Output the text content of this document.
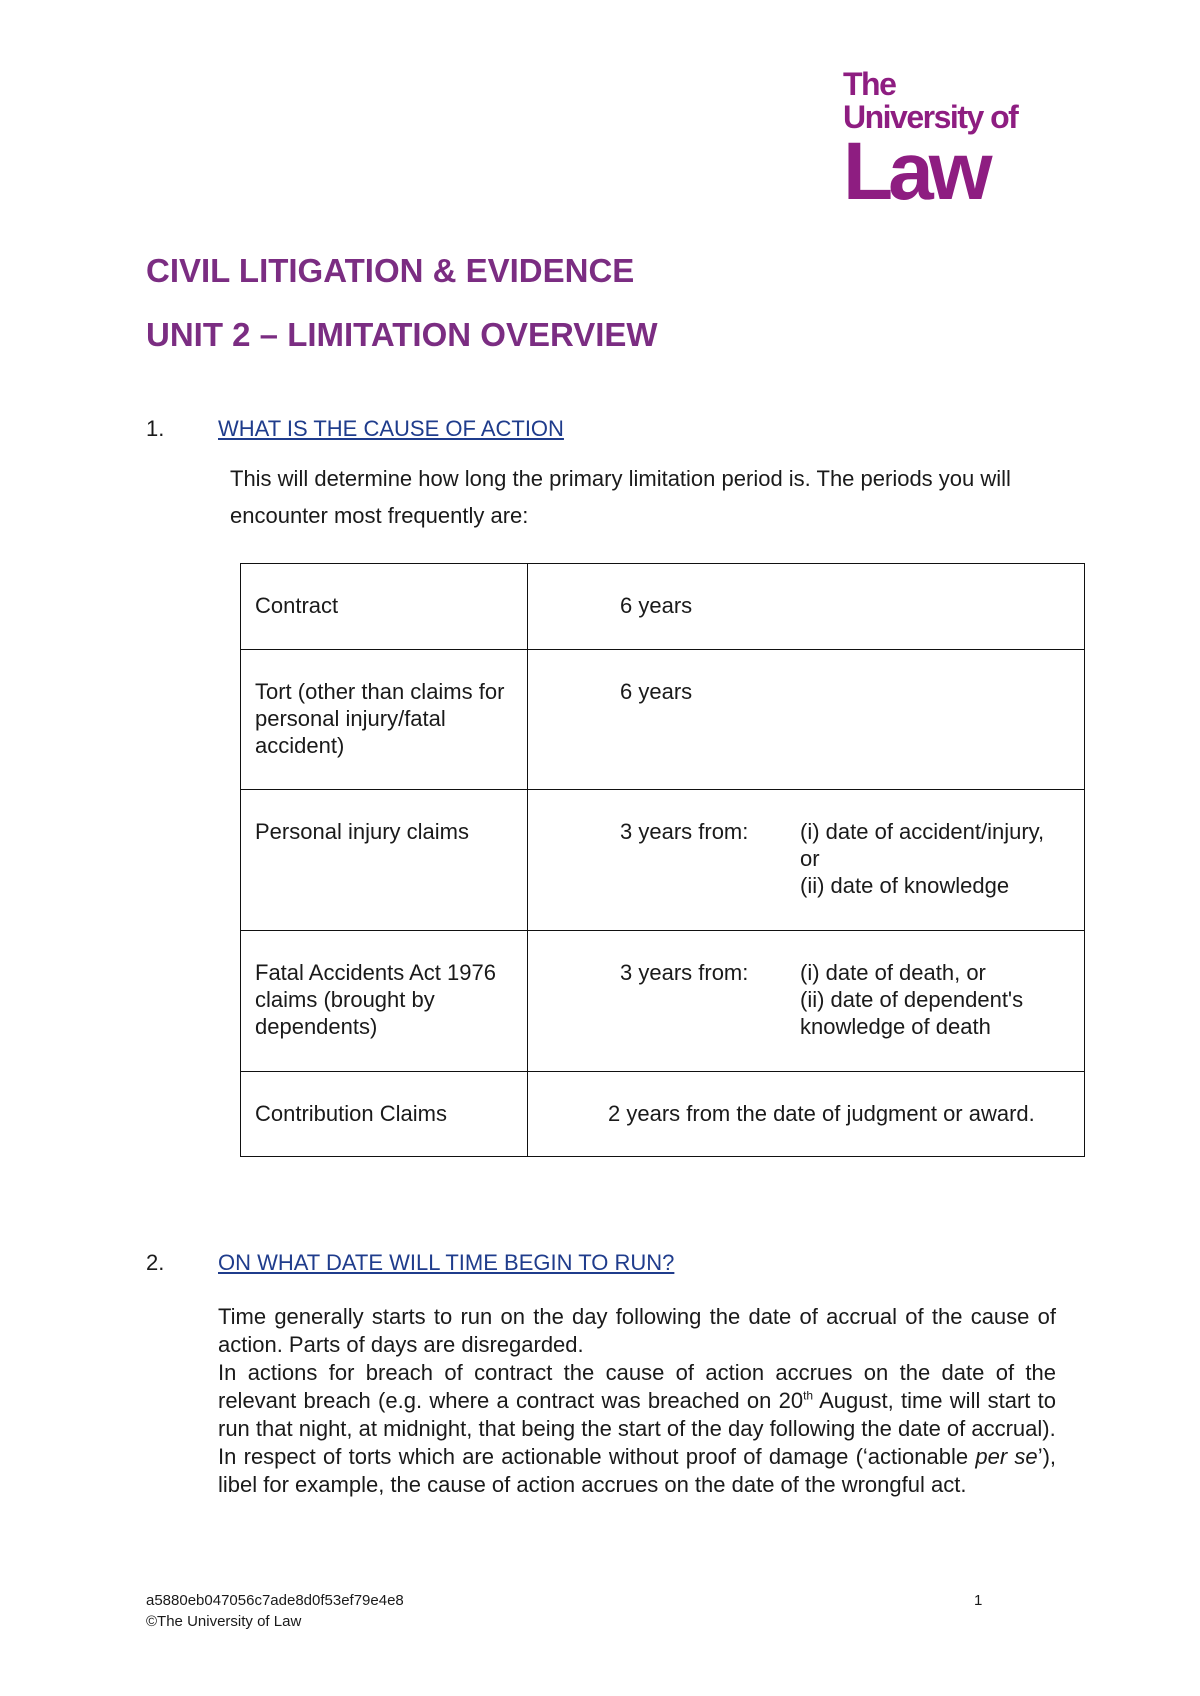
The
University of
Law
CIVIL LITIGATION & EVIDENCE
UNIT 2 – LIMITATION OVERVIEW
1. WHAT IS THE CAUSE OF ACTION

This will determine how long the primary limitation period is. The periods you will encounter most frequently are:

Contract	6 years

Tort (other than claims for personal injury/fatal accident)	6 years

Personal injury claims	3 years from: (i) date of accident/injury,
or
(ii) date of knowledge

Fatal Accidents Act 1976 claims (brought by dependents)	3 years from: (i) date of death, or
(ii) date of dependent's
knowledge of death

Contribution Claims	2 years from the date of judgment or award.
2. ON WHAT DATE WILL TIME BEGIN TO RUN?

Time generally starts to run on the day following the date of accrual of the cause of action. Parts of days are disregarded.

In actions for breach of contract the cause of action accrues on the date of the relevant breach (e.g. where a contract was breached on 20th August, time will start to run that night, at midnight, that being the start of the day following the date of accrual).

In respect of torts which are actionable without proof of damage (‘actionable per se’), libel for example, the cause of action accrues on the date of the wrongful act.

a5880eb047056c7ade8d0f53ef79e4e8
©The University of Law
1
